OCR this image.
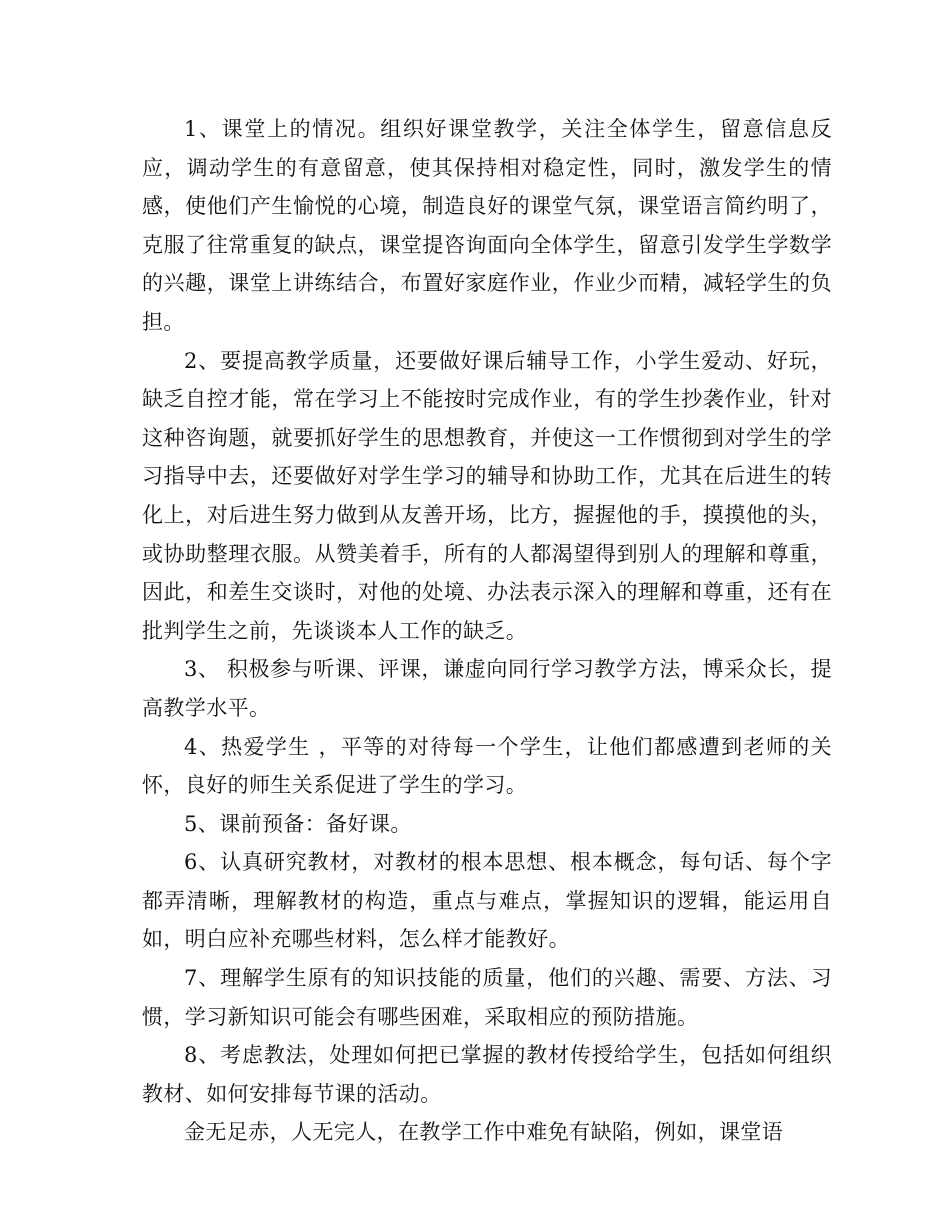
1、课堂上的情况。组织好课堂教学，关注全体学生，留意信息反应，调动学生的有意留意，使其保持相对稳定性，同时，激发学生的情感，使他们产生愉悦的心境，制造良好的课堂气氛，课堂语言简约明了，克服了往常重复的缺点，课堂提咨询面向全体学生，留意引发学生学数学的兴趣，课堂上讲练结合，布置好家庭作业，作业少而精，减轻学生的负担。

2、要提高教学质量，还要做好课后辅导工作，小学生爱动、好玩，缺乏自控才能，常在学习上不能按时完成作业，有的学生抄袭作业，针对这种咨询题，就要抓好学生的思想教育，并使这一工作惯彻到对学生的学习指导中去，还要做好对学生学习的辅导和协助工作，尤其在后进生的转化上，对后进生努力做到从友善开场，比方，握握他的手，摸摸他的头，或协助整理衣服。从赞美着手，所有的人都渴望得到别人的理解和尊重，因此，和差生交谈时，对他的处境、办法表示深入的理解和尊重，还有在批判学生之前，先谈谈本人工作的缺乏。

3、 积极参与听课、评课，谦虚向同行学习教学方法，博采众长，提高教学水平。

4、热爱学生 ，平等的对待每一个学生，让他们都感遭到老师的关怀，良好的师生关系促进了学生的学习。

5、课前预备：备好课。

6、认真研究教材，对教材的根本思想、根本概念，每句话、每个字都弄清晰，理解教材的构造，重点与难点，掌握知识的逻辑，能运用自如，明白应补充哪些材料，怎么样才能教好。

7、理解学生原有的知识技能的质量，他们的兴趣、需要、方法、习惯，学习新知识可能会有哪些困难，采取相应的预防措施。

8、考虑教法，处理如何把已掌握的教材传授给学生，包括如何组织教材、如何安排每节课的活动。

金无足赤，人无完人，在教学工作中难免有缺陷，例如，课堂语
